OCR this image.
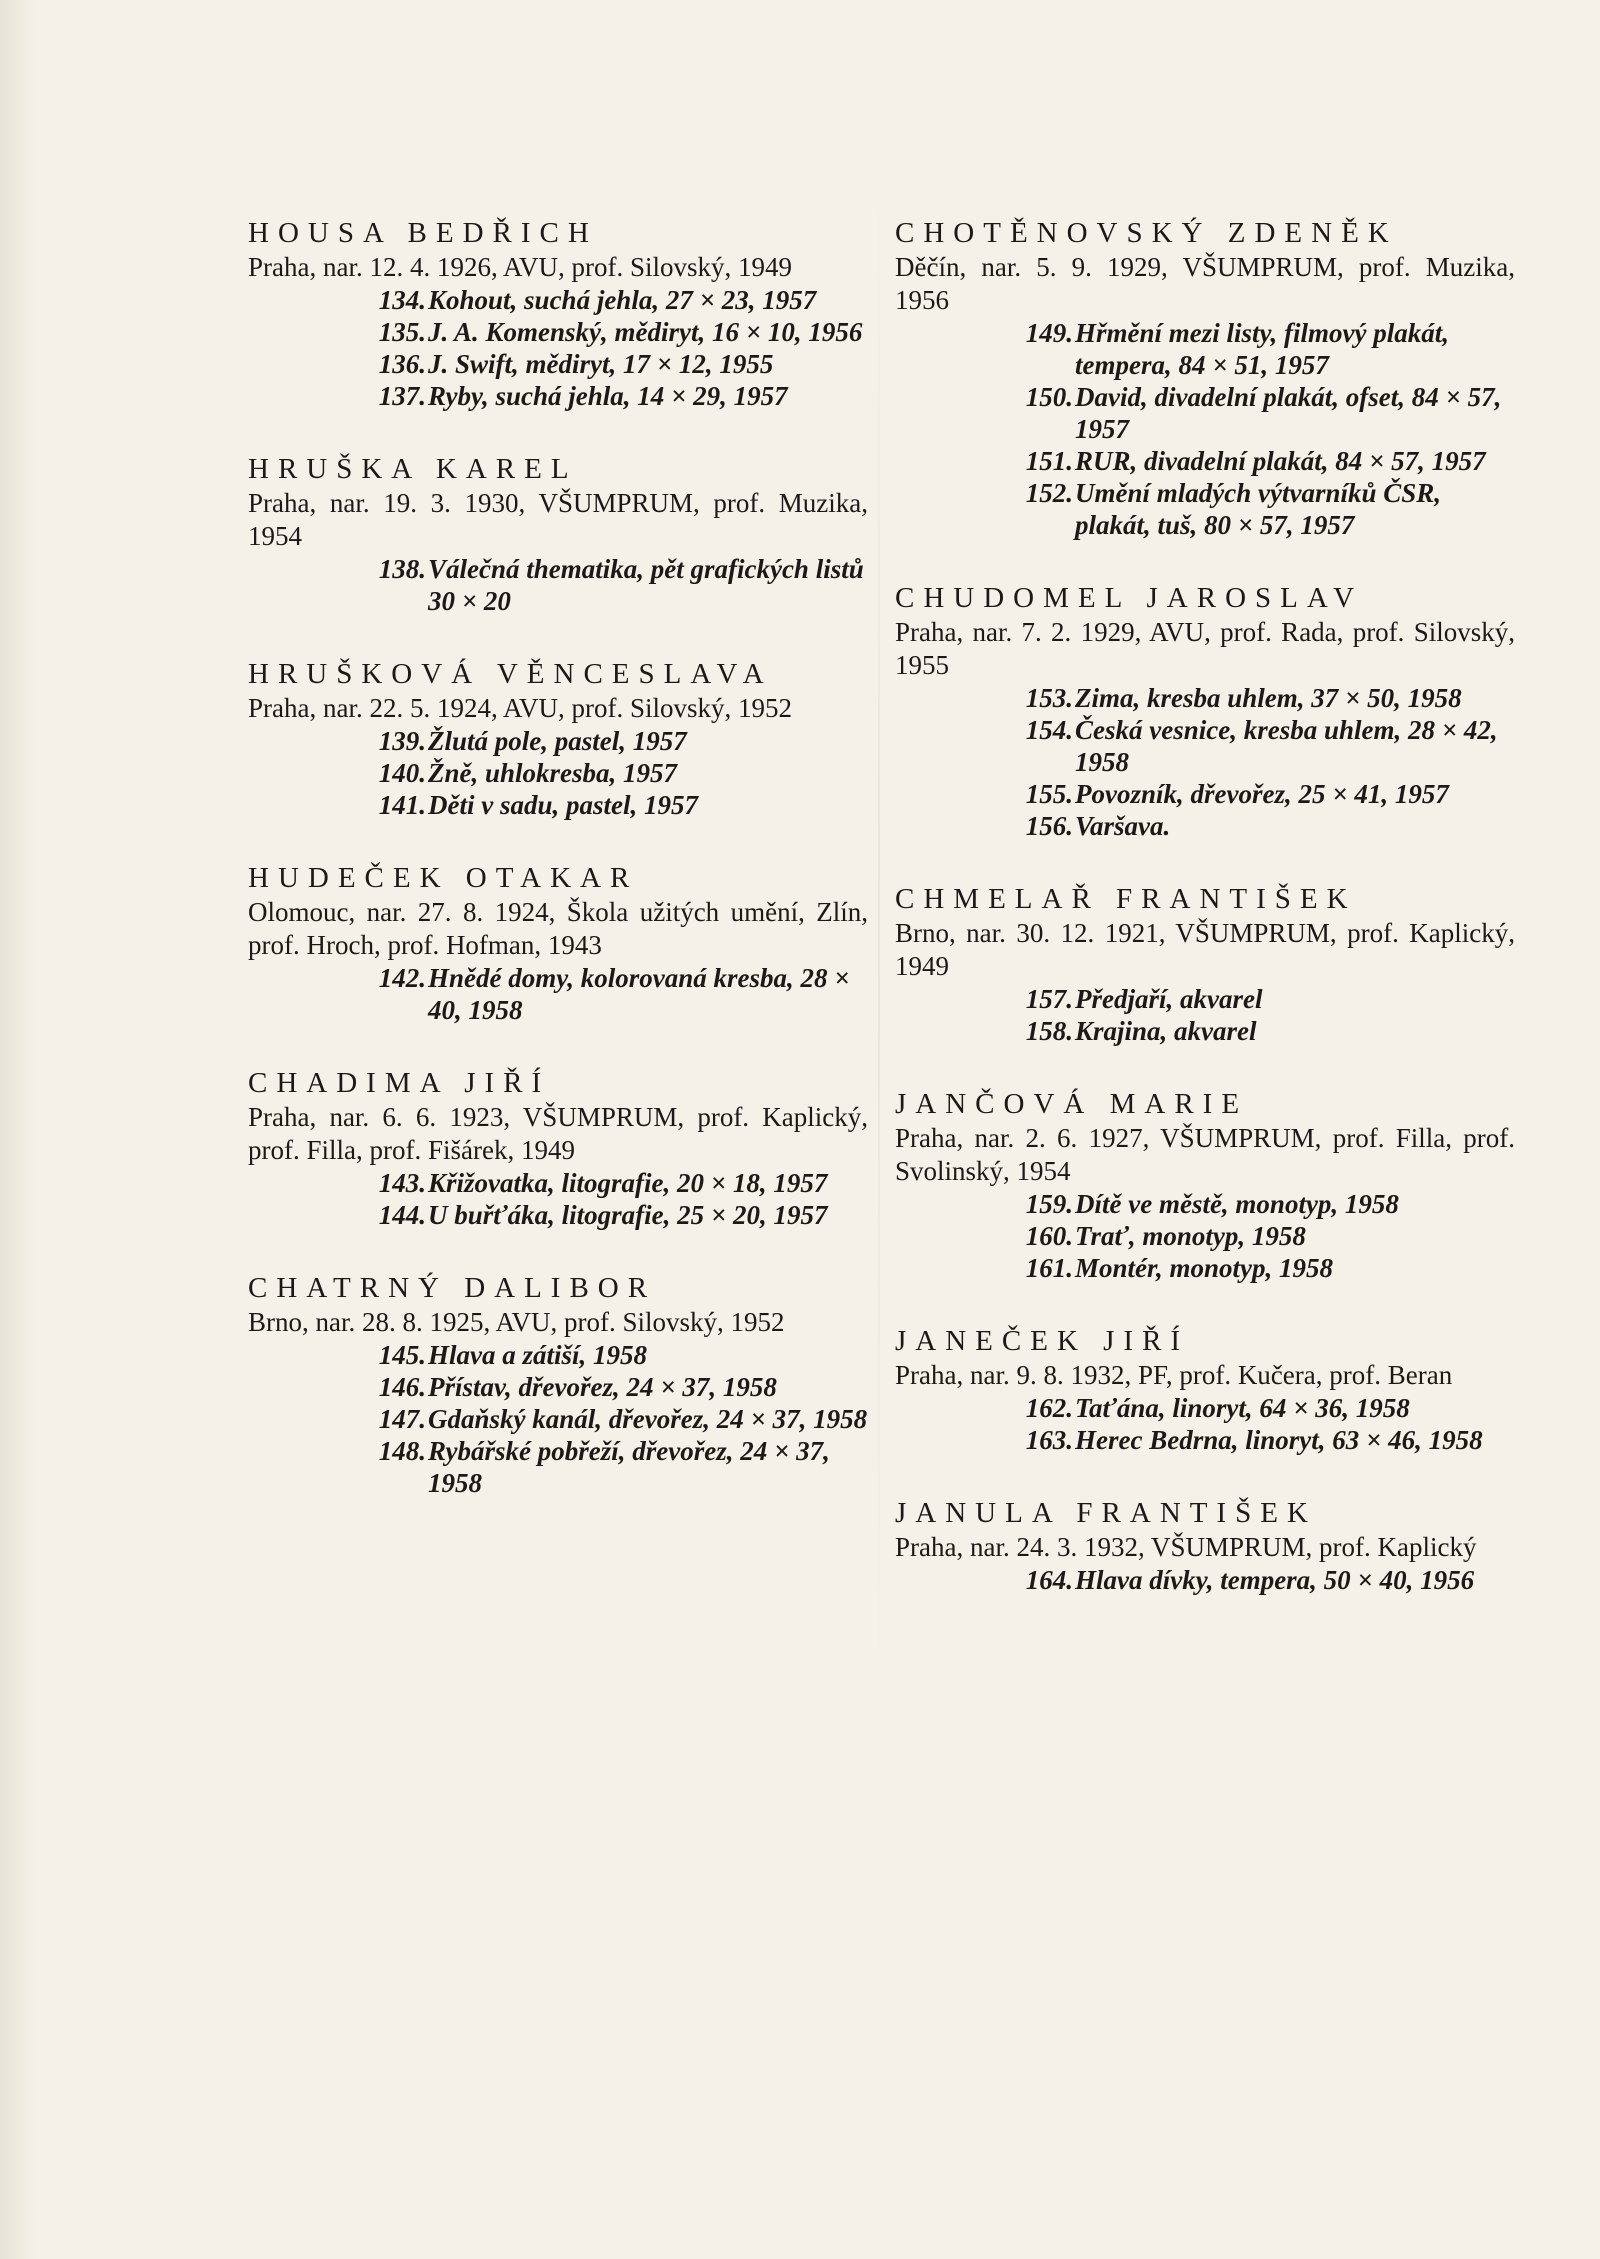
HOUSA BEDŘICH
Praha, nar. 12. 4. 1926, AVU, prof. Silovský, 1949
134. Kohout, suchá jehla, 27 × 23, 1957
135. J. A. Komenský, mědiryt, 16 × 10, 1956
136. J. Swift, mědiryt, 17 × 12, 1955
137. Ryby, suchá jehla, 14 × 29, 1957
HRUŠKA KAREL
Praha, nar. 19. 3. 1930, VŠUMPRUM, prof. Muzika, 1954
138. Válečná thematika, pět grafických listů 30 × 20
HRUŠKOVÁ VĚNCESLAVA
Praha, nar. 22. 5. 1924, AVU, prof. Silovský, 1952
139. Žlutá pole, pastel, 1957
140. Žně, uhlokresba, 1957
141. Děti v sadu, pastel, 1957
HUDEČEK OTAKAR
Olomouc, nar. 27. 8. 1924, Škola užitých umění, Zlín, prof. Hroch, prof. Hofman, 1943
142. Hnědé domy, kolorovaná kresba, 28 × 40, 1958
CHADIMA JIŘÍ
Praha, nar. 6. 6. 1923, VŠUMPRUM, prof. Kaplický, prof. Filla, prof. Fišárek, 1949
143. Křižovatka, litografie, 20 × 18, 1957
144. U buřťáka, litografie, 25 × 20, 1957
CHATRNÝ DALIBOR
Brno, nar. 28. 8. 1925, AVU, prof. Silovský, 1952
145. Hlava a zátiší, 1958
146. Přístav, dřevořez, 24 × 37, 1958
147. Gdaňský kanál, dřevořez, 24 × 37, 1958
148. Rybářské pobřeží, dřevořez, 24 × 37, 1958
CHOTĚNOVSKÝ ZDENĚK
Děčín, nar. 5. 9. 1929, VŠUMPRUM, prof. Muzika, 1956
149. Hřmění mezi listy, filmový plakát, tempera, 84 × 51, 1957
150. David, divadelní plakát, ofset, 84 × 57, 1957
151. RUR, divadelní plakát, 84 × 57, 1957
152. Umění mladých výtvarníků ČSR, plakát, tuš, 80 × 57, 1957
CHUDOMEL JAROSLAV
Praha, nar. 7. 2. 1929, AVU, prof. Rada, prof. Silovský, 1955
153. Zima, kresba uhlem, 37 × 50, 1958
154. Česká vesnice, kresba uhlem, 28 × 42, 1958
155. Povozník, dřevořez, 25 × 41, 1957
156. Varšava.
CHMELAŘ FRANTIŠEK
Brno, nar. 30. 12. 1921, VŠUMPRUM, prof. Kaplický, 1949
157. Předjaří, akvarel
158. Krajina, akvarel
JANČOVÁ MARIE
Praha, nar. 2. 6. 1927, VŠUMPRUM, prof. Filla, prof. Svolinský, 1954
159. Dítě ve městě, monotyp, 1958
160. Trať, monotyp, 1958
161. Montér, monotyp, 1958
JANEČEK JIŘÍ
Praha, nar. 9. 8. 1932, PF, prof. Kučera, prof. Beran
162. Taťána, linoryt, 64 × 36, 1958
163. Herec Bedrna, linoryt, 63 × 46, 1958
JANULA FRANTIŠEK
Praha, nar. 24. 3. 1932, VŠUMPRUM, prof. Kaplický
164. Hlava dívky, tempera, 50 × 40, 1956
